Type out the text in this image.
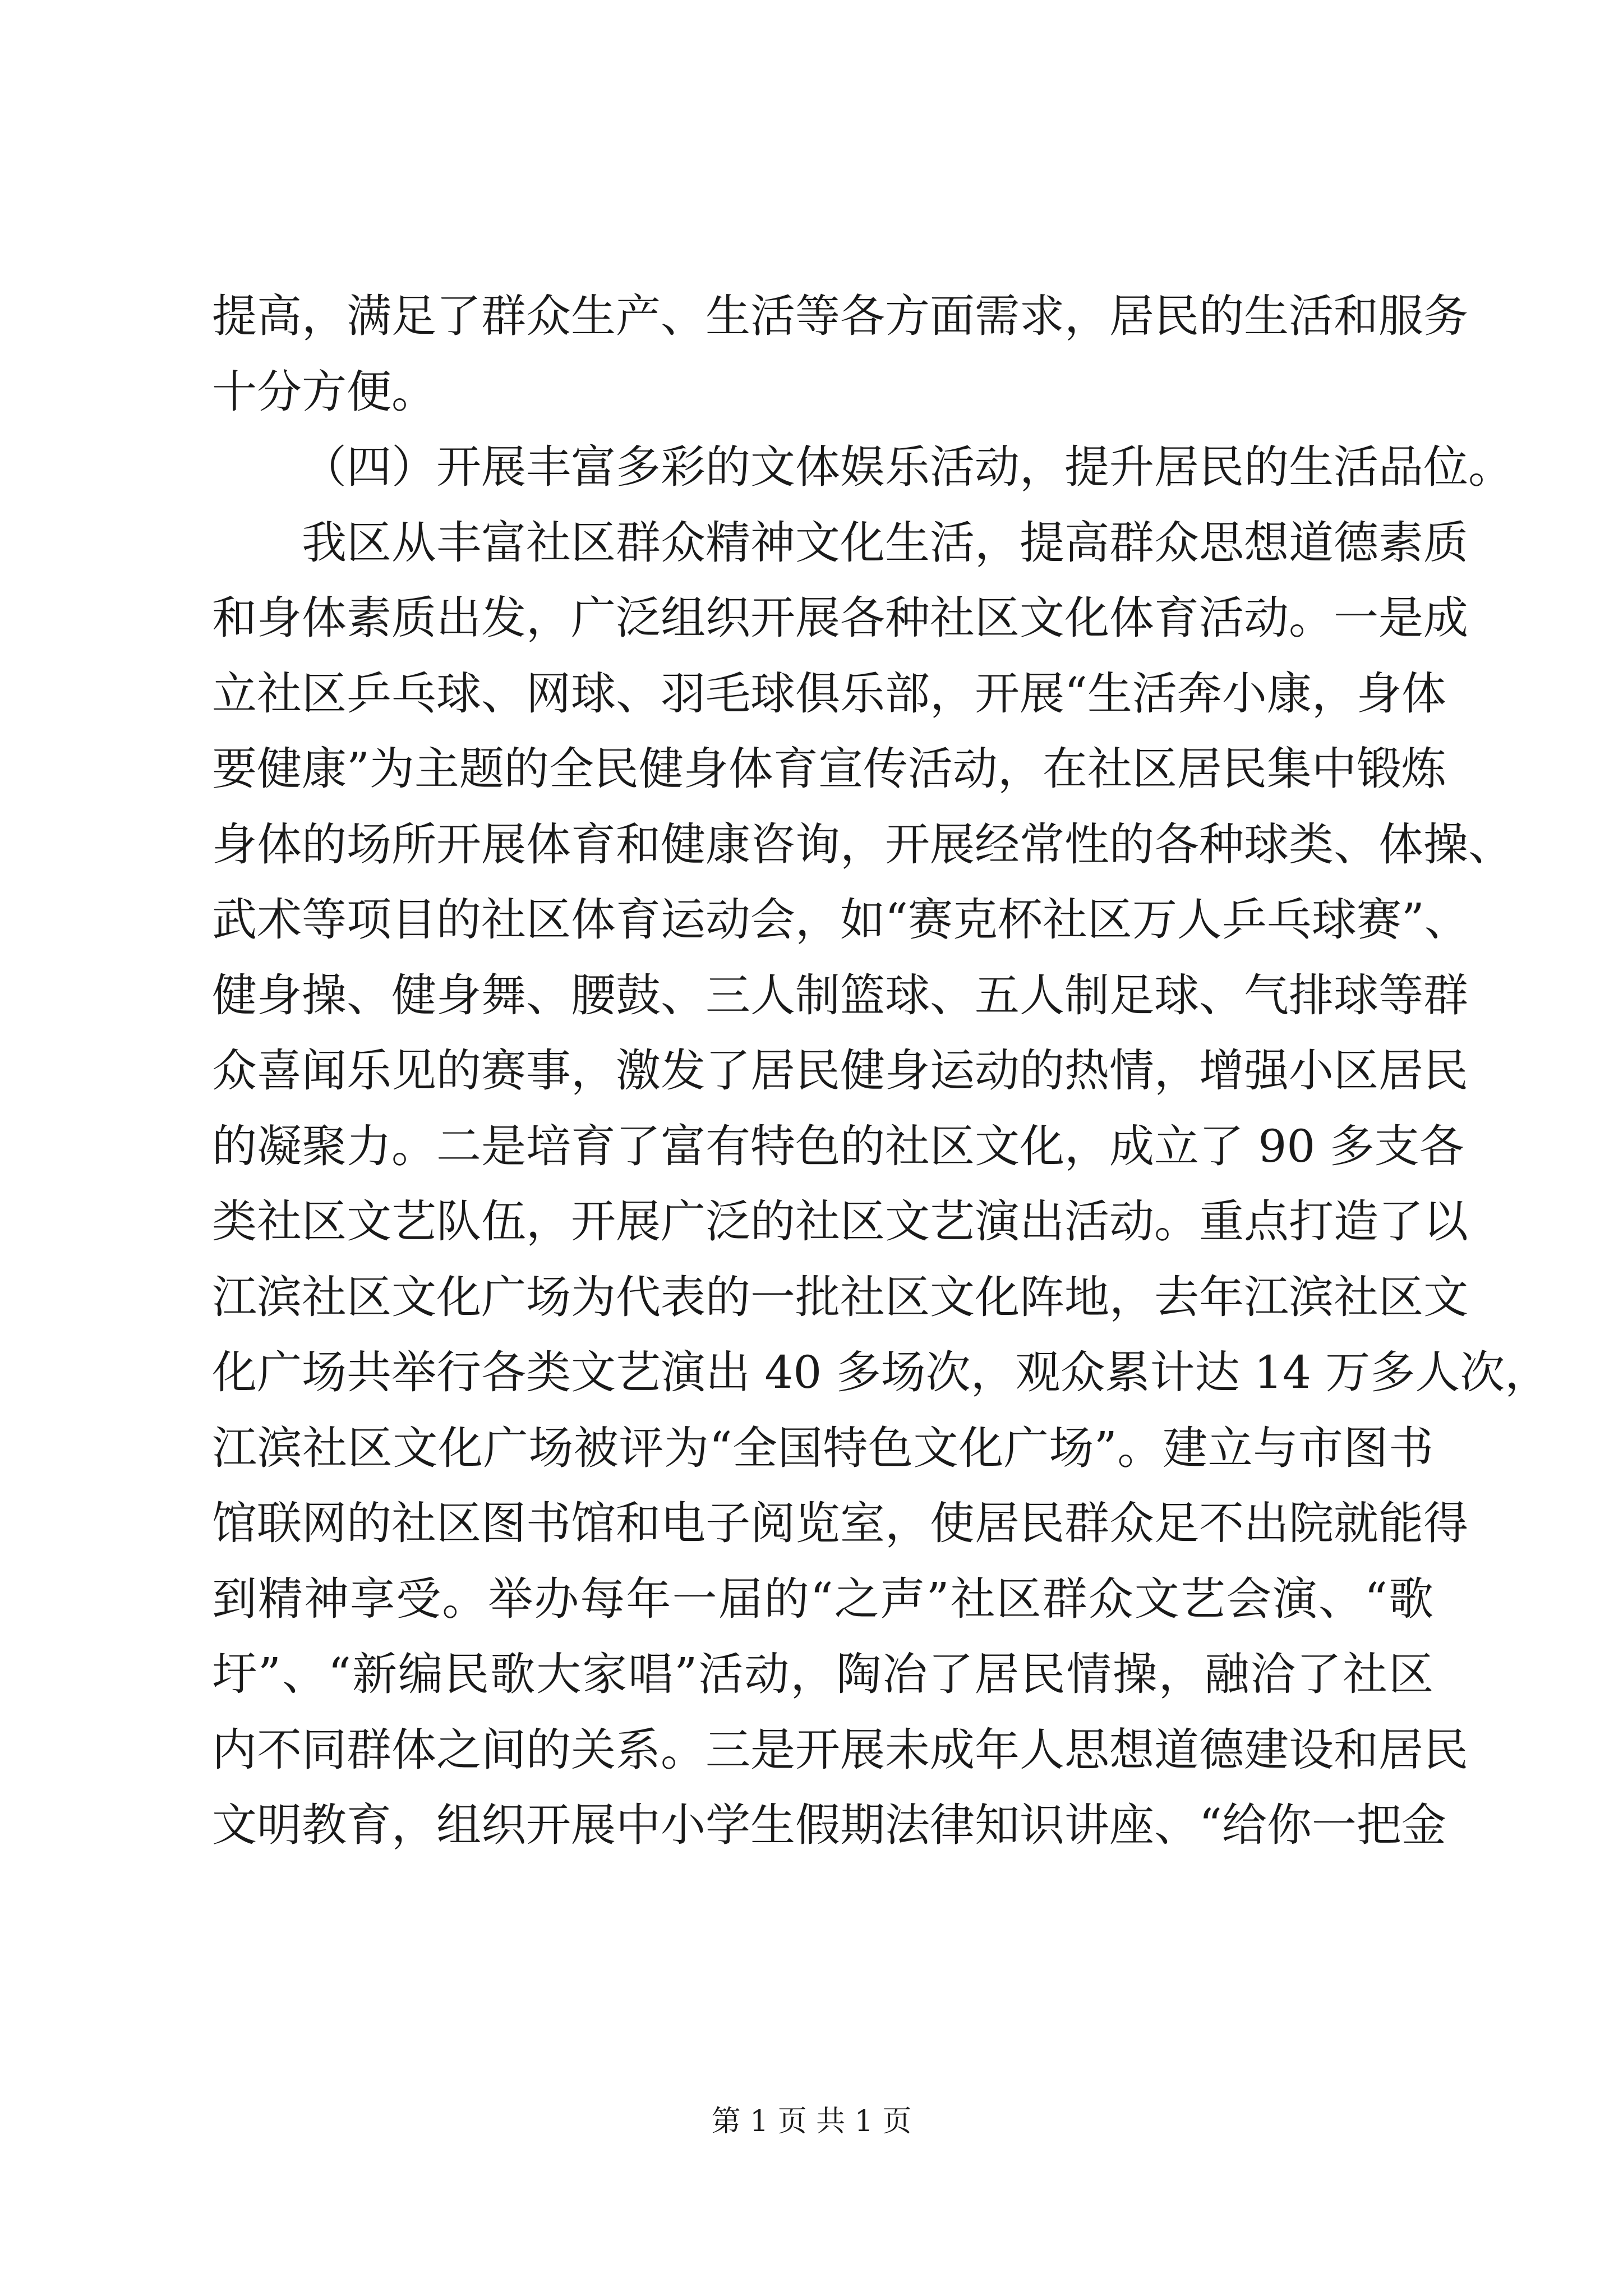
提高，满足了群众生产、生活等各方面需求，居民的生活和服务
十分方便。
（四）开展丰富多彩的文体娱乐活动，提升居民的生活品位。
我区从丰富社区群众精神文化生活，提高群众思想道德素质
和身体素质出发，广泛组织开展各种社区文化体育活动。一是成
立社区乒乓球、网球、羽毛球俱乐部，开展“生活奔小康，身体
要健康”为主题的全民健身体育宣传活动，在社区居民集中锻炼
身体的场所开展体育和健康咨询，开展经常性的各种球类、体操、
武术等项目的社区体育运动会，如“赛克杯社区万人乒乓球赛”、
健身操、健身舞、腰鼓、三人制篮球、五人制足球、气排球等群
众喜闻乐见的赛事，激发了居民健身运动的热情，增强小区居民
的凝聚力。二是培育了富有特色的社区文化，成立了 90 多支各
类社区文艺队伍，开展广泛的社区文艺演出活动。重点打造了以
江滨社区文化广场为代表的一批社区文化阵地，去年江滨社区文
化广场共举行各类文艺演出 40 多场次，观众累计达 14 万多人次，
江滨社区文化广场被评为“全国特色文化广场”。建立与市图书
馆联网的社区图书馆和电子阅览室，使居民群众足不出院就能得
到精神享受。举办每年一届的“之声”社区群众文艺会演、“歌
圩”、“新编民歌大家唱”活动，陶冶了居民情操，融洽了社区
内不同群体之间的关系。三是开展未成年人思想道德建设和居民
文明教育，组织开展中小学生假期法律知识讲座、“给你一把金
第 1 页 共 1 页
